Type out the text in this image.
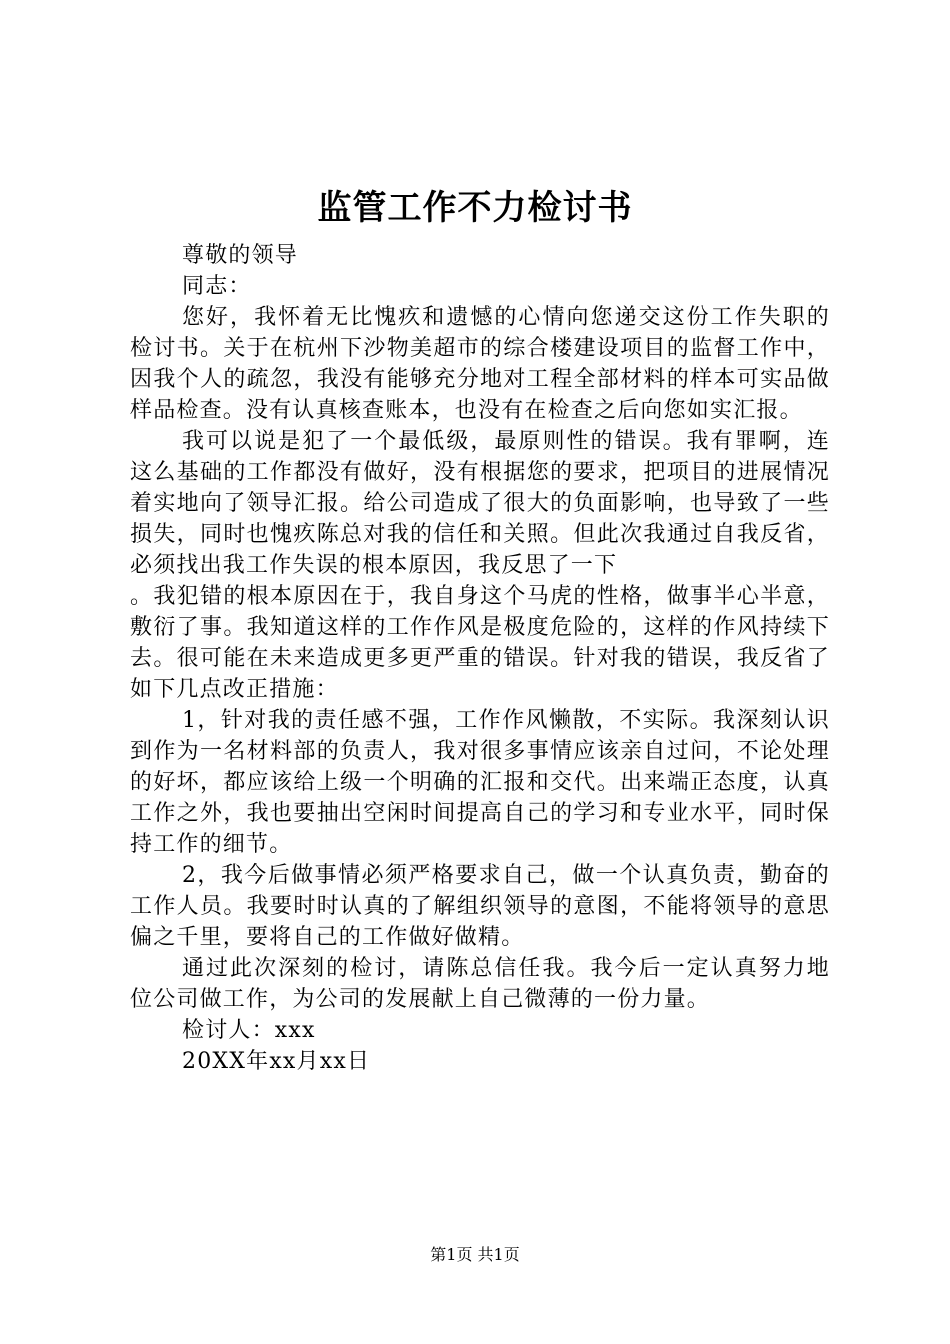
监管工作不力检讨书

尊敬的领导

同志：

您好，我怀着无比愧疚和遗憾的心情向您递交这份工作失职的检讨书。关于在杭州下沙物美超市的综合楼建设项目的监督工作中，因我个人的疏忽，我没有能够充分地对工程全部材料的样本可实品做样品检查。没有认真核查账本，也没有在检查之后向您如实汇报。

我可以说是犯了一个最低级，最原则性的错误。我有罪啊，连这么基础的工作都没有做好，没有根据您的要求，把项目的进展情况着实地向了领导汇报。给公司造成了很大的负面影响，也导致了一些损失，同时也愧疚陈总对我的信任和关照。但此次我通过自我反省，必须找出我工作失误的根本原因，我反思了一下

。我犯错的根本原因在于，我自身这个马虎的性格，做事半心半意，敷衍了事。我知道这样的工作作风是极度危险的，这样的作风持续下去。很可能在未来造成更多更严重的错误。针对我的错误，我反省了如下几点改正措施：

1，针对我的责任感不强，工作作风懒散，不实际。我深刻认识到作为一名材料部的负责人，我对很多事情应该亲自过问，不论处理的好坏，都应该给上级一个明确的汇报和交代。出来端正态度，认真工作之外，我也要抽出空闲时间提高自己的学习和专业水平，同时保持工作的细节。

2，我今后做事情必须严格要求自己，做一个认真负责，勤奋的工作人员。我要时时认真的了解组织领导的意图，不能将领导的意思偏之千里，要将自己的工作做好做精。

通过此次深刻的检讨，请陈总信任我。我今后一定认真努力地位公司做工作，为公司的发展献上自己微薄的一份力量。

检讨人：xxx

20XX年xx月xx日

第1页 共1页
